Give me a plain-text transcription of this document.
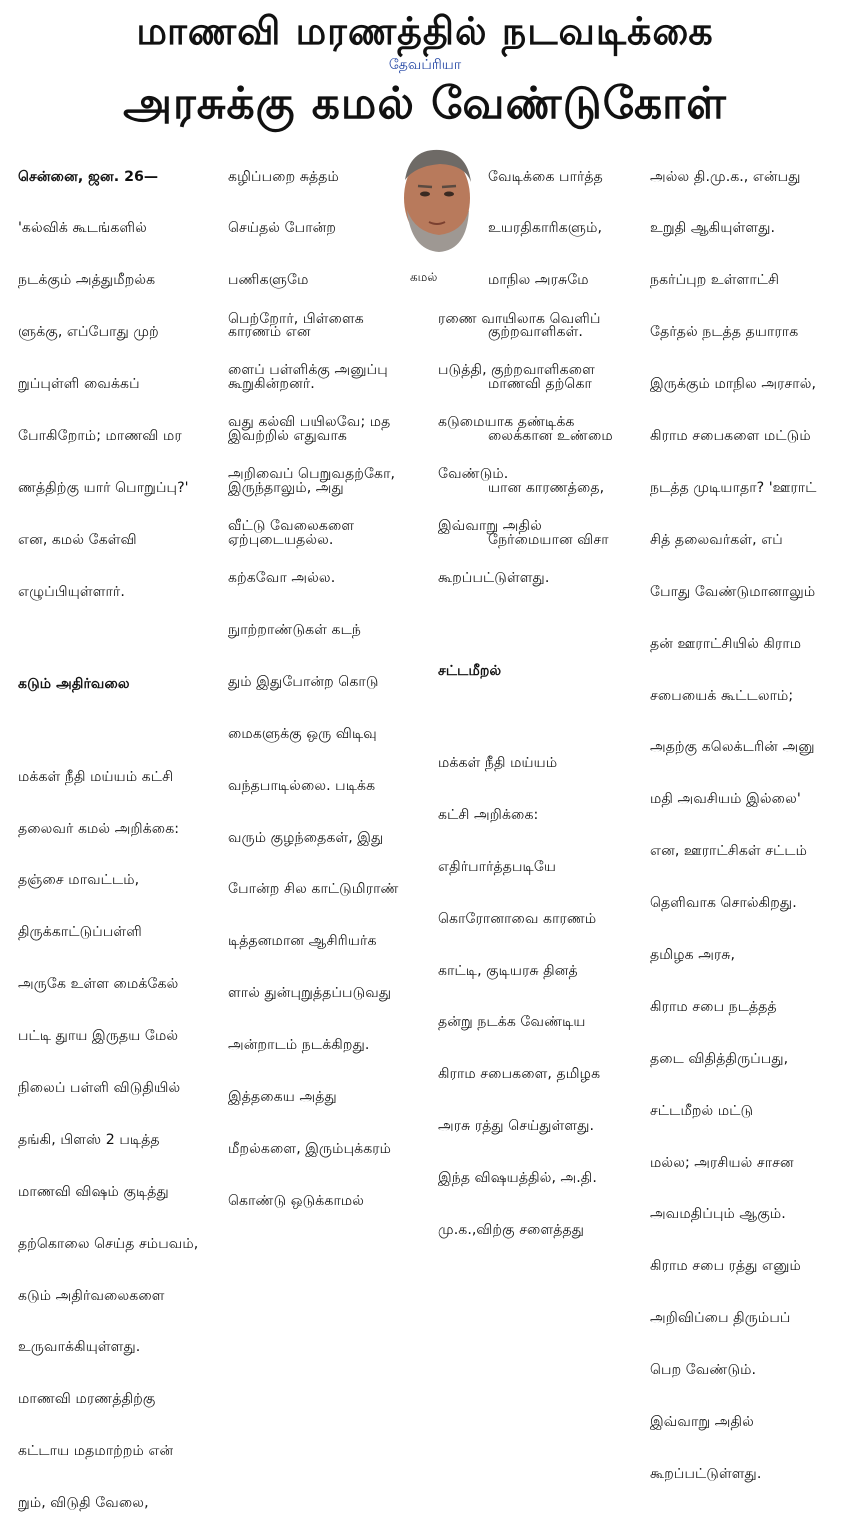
மாணவி மரணத்தில் நடவடிக்கை
தேவப்ரியா
அரசுக்கு கமல் வேண்டுகோள்

சென்னை, ஜன. 26—

'கல்விக் கூடங்களில்

நடக்கும் அத்துமீறல்க

ளுக்கு, எப்போது முற்

றுப்புள்ளி வைக்கப்

போகிறோம்; மாணவி மர

ணத்திற்கு யார் பொறுப்பு?'

என, கமல் கேள்வி

எழுப்பியுள்ளார்.

கடும் அதிர்வலை

மக்கள் நீதி மய்யம் கட்சி

தலைவர் கமல் அறிக்கை:

தஞ்சை மாவட்டம்,

திருக்காட்டுப்பள்ளி

அருகே உள்ள மைக்கேல்

பட்டி துாய இருதய மேல்

நிலைப் பள்ளி விடுதியில்

தங்கி, பிளஸ் 2 படித்த

மாணவி விஷம் குடித்து

தற்கொலை செய்த சம்பவம்,

கடும் அதிர்வலைகளை

உருவாக்கியுள்ளது.

மாணவி மரணத்திற்கு

கட்டாய மதமாற்றம் என்

றும், விடுதி வேலை,

கழிப்பறை சுத்தம்

செய்தல் போன்ற

பணிகளுமே

காரணம் என

கூறுகின்றனர்.

இவற்றில் எதுவாக

இருந்தாலும், அது

ஏற்புடையதல்ல.

கமல்

பெற்றோர், பிள்ளைக

ளைப் பள்ளிக்கு அனுப்பு

வது கல்வி பயிலவே; மத

அறிவைப் பெறுவதற்கோ,

வீட்டு வேலைகளை

கற்கவோ அல்ல.

நுாற்றாண்டுகள் கடந்

தும் இதுபோன்ற கொடு

மைகளுக்கு ஒரு விடிவு

வந்தபாடில்லை. படிக்க

வரும் குழந்தைகள், இது

போன்ற சில காட்டுமிராண்

டித்தனமான ஆசிரியர்க

ளால் துன்புறுத்தப்படுவது

அன்றாடம் நடக்கிறது.

இத்தகைய அத்து

மீறல்களை, இரும்புக்கரம்

கொண்டு ஒடுக்காமல்

வேடிக்கை பார்த்த

உயரதிகாரிகளும்,

மாநில அரசுமே

குற்றவாளிகள்.

மாணவி தற்கொ

லைக்கான உண்மை

யான காரணத்தை,

நேர்மையான விசா

ரணை வாயிலாக வெளிப்

படுத்தி, குற்றவாளிகளை

கடுமையாக தண்டிக்க

வேண்டும்.

இவ்வாறு அதில்

கூறப்பட்டுள்ளது.

சட்டமீறல்

மக்கள் நீதி மய்யம்

கட்சி அறிக்கை:

எதிர்பார்த்தபடியே

கொரோனாவை காரணம்

காட்டி, குடியரசு தினத்

தன்று நடக்க வேண்டிய

கிராம சபைகளை, தமிழக

அரசு ரத்து செய்துள்ளது.

இந்த விஷயத்தில், அ.தி.

மு.க.,விற்கு சளைத்தது

அல்ல தி.மு.க., என்பது

உறுதி ஆகியுள்ளது.

நகர்ப்புற உள்ளாட்சி

தேர்தல் நடத்த தயாராக

இருக்கும் மாநில அரசால்,

கிராம சபைகளை மட்டும்

நடத்த முடியாதா? 'ஊராட்

சித் தலைவர்கள், எப்

போது வேண்டுமானாலும்

தன் ஊராட்சியில் கிராம

சபையைக் கூட்டலாம்;

அதற்கு கலெக்டரின் அனு

மதி அவசியம் இல்லை'

என, ஊராட்சிகள் சட்டம்

தெளிவாக சொல்கிறது.

தமிழக அரசு,

கிராம சபை நடத்தத்

தடை விதித்திருப்பது,

சட்டமீறல் மட்டு

மல்ல; அரசியல் சாசன

அவமதிப்பும் ஆகும்.

கிராம சபை ரத்து எனும்

அறிவிப்பை திரும்பப்

பெற வேண்டும்.

இவ்வாறு அதில்

கூறப்பட்டுள்ளது.
